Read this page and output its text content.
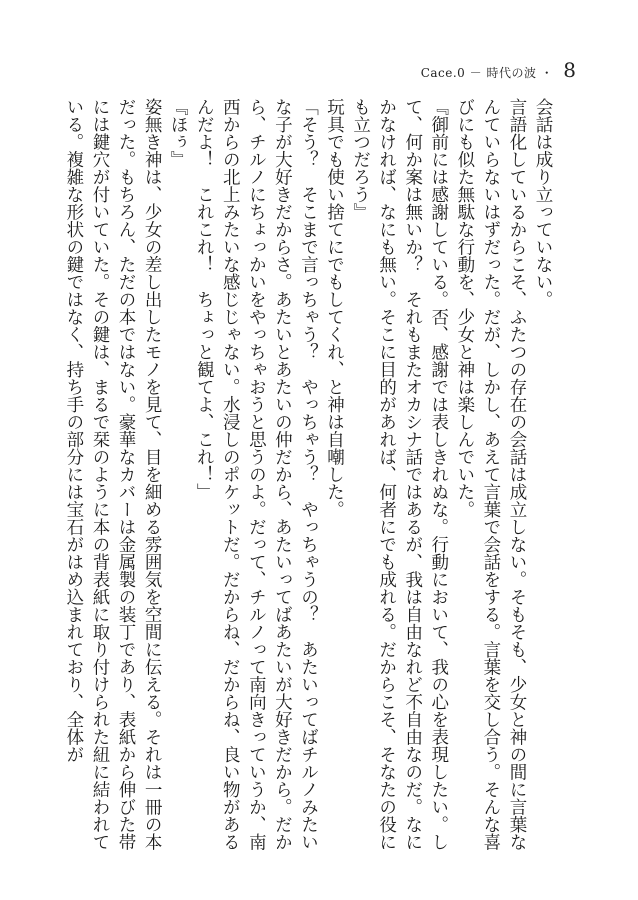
Cace.0 － 時代の波 ・ 8

会話は成り立っていない。

言語化しているからこそ、ふたつの存在の会話は成立しない。そもそも、少女と神の間に言葉なんていらないはずだった。だが、しかし、あえて言葉で会話をする。言葉を交し合う。そんな喜びにも似た無駄な行動を、少女と神は楽しんでいた。

『御前には感謝している。否、感謝では表しきれぬな。行動において、我の心を表現したい。して、何か案は無いか？　それもまたオカシナ話ではあるが、我は自由なれど不自由なのだ。なにかなければ、なにも無い。そこに目的があれば、何者にでも成れる。だからこそ、そなたの役にも立つだろう』

玩具でも使い捨てにでもしてくれ、と神は自嘲した。

「そう？　そこまで言っちゃう？　やっちゃう？　やっちゃうの？　あたいってばチルノみたいな子が大好きだからさ。あたいとあたいの仲だから、あたいってばあたいが大好きだから。だから、チルノにちょっかいをやっちゃおうと思うのよ。だって、チルノって南向きっていうか、南西からの北上みたいな感じじゃない。水浸しのポケットだ。だからね、だからね、良い物があるんだよ！　これこれ！　ちょっと観てよ、これ！」

『ほぅ』

姿無き神は、少女の差し出したモノを見て、目を細める雰囲気を空間に伝える。それは一冊の本だった。もちろん、ただの本ではない。豪華なカバーは金属製の装丁であり、表紙から伸びた帯には鍵穴が付いていた。その鍵は、まるで栞のように本の背表紙に取り付けられた紐に結われている。複雑な形状の鍵ではなく、持ち手の部分には宝石がはめ込まれており、全体が
